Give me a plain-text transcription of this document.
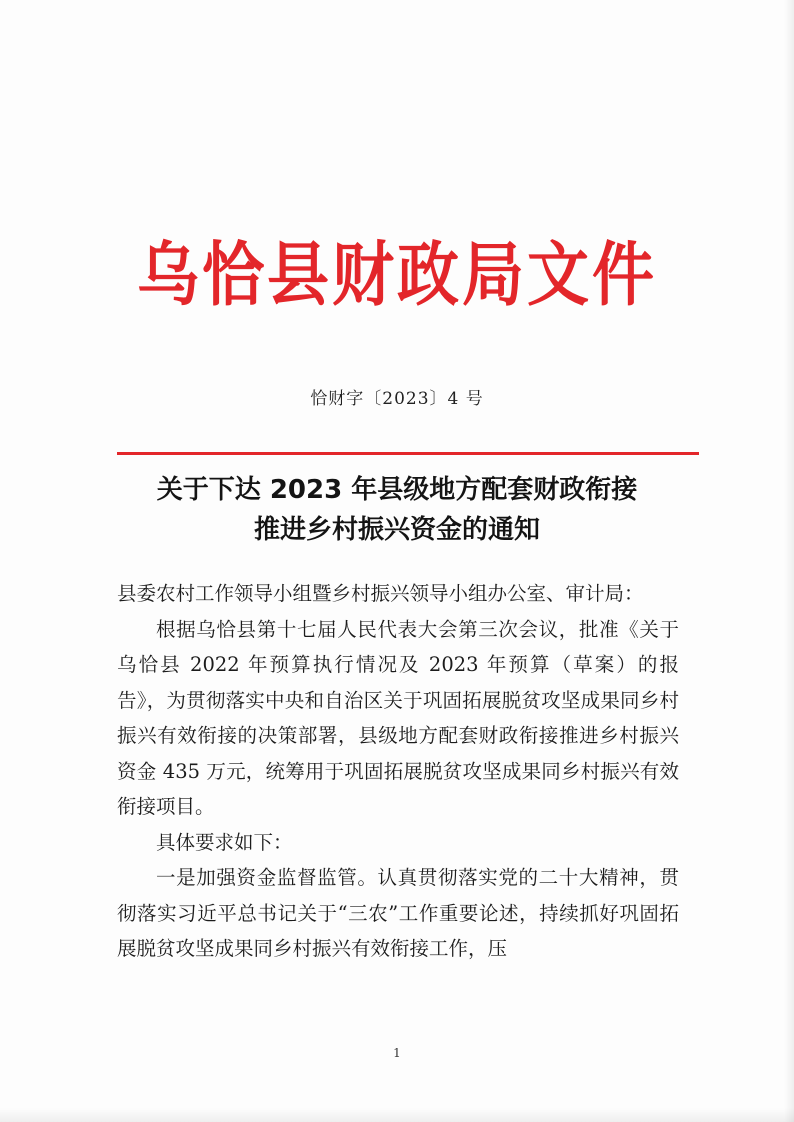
乌恰县财政局文件
恰财字〔2023〕4 号
关于下达 2023 年县级地方配套财政衔接
推进乡村振兴资金的通知

县委农村工作领导小组暨乡村振兴领导小组办公室、审计局：

根据乌恰县第十七届人民代表大会第三次会议，批准《关于乌恰县 2022 年预算执行情况及 2023 年预算（草案）的报告》，为贯彻落实中央和自治区关于巩固拓展脱贫攻坚成果同乡村振兴有效衔接的决策部署，县级地方配套财政衔接推进乡村振兴资金 435 万元，统筹用于巩固拓展脱贫攻坚成果同乡村振兴有效衔接项目。

具体要求如下：

一是加强资金监督监管。认真贯彻落实党的二十大精神，贯彻落实习近平总书记关于“三农”工作重要论述，持续抓好巩固拓展脱贫攻坚成果同乡村振兴有效衔接工作，压

1
